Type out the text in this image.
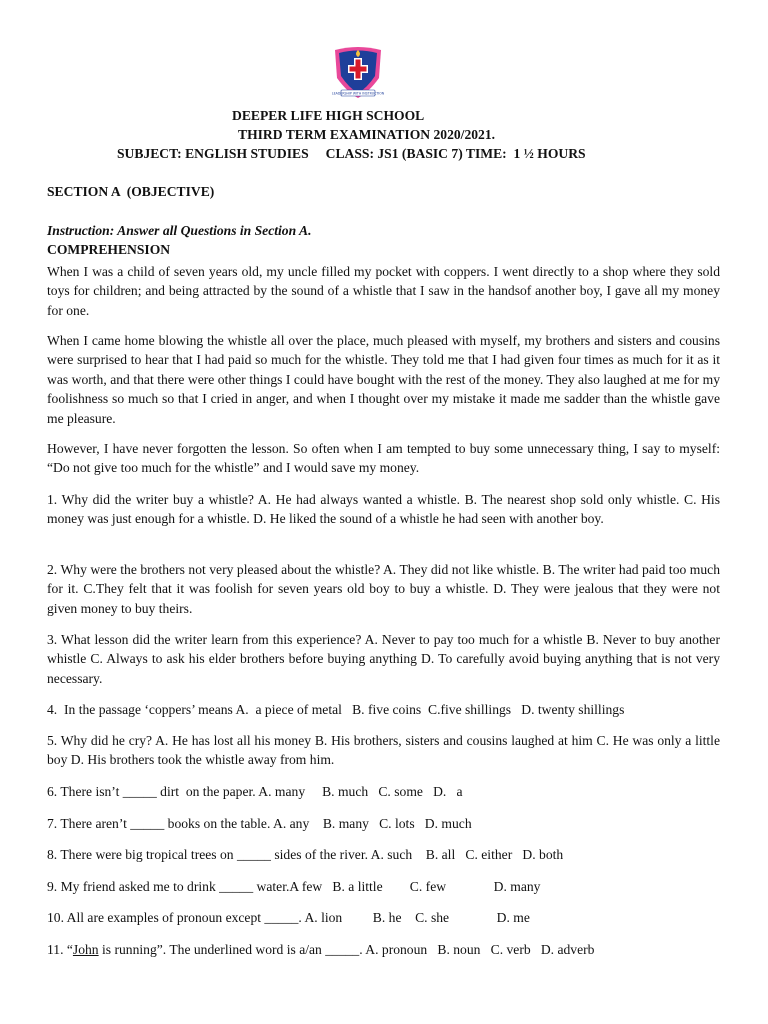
LEADERSHIP WITH INSTRUCTION
DEEPER LIFE HIGH SCHOOL
THIRD TERM EXAMINATION 2020/2021.
SUBJECT: ENGLISH STUDIES     CLASS: JS1 (BASIC 7) TIME:  1 ½ HOURS
SECTION A  (OBJECTIVE)
Instruction: Answer all Questions in Section A.
COMPREHENSION
When I was a child of seven years old, my uncle filled my pocket with coppers. I went directly to a shop where they sold toys for children; and being attracted by the sound of a whistle that I saw in the handsof another boy, I gave all my money for one.
When I came home blowing the whistle all over the place, much pleased with myself, my brothers and sisters and cousins were surprised to hear that I had paid so much for the whistle. They told me that I had given four times as much for it as it was worth, and that there were other things I could have bought with the rest of the money. They also laughed at me for my foolishness so much so that I cried in anger, and when I thought over my mistake it made me sadder than the whistle gave me pleasure.
However, I have never forgotten the lesson. So often when I am tempted to buy some unnecessary thing, I say to myself: “Do not give too much for the whistle” and I would save my money.
1. Why did the writer buy a whistle? A. He had always wanted a whistle. B. The nearest shop sold only whistle. C. His money was just enough for a whistle. D. He liked the sound of a whistle he had seen with another boy.
2. Why were the brothers not very pleased about the whistle? A. They did not like whistle. B. The writer had paid too much for it. C.They felt that it was foolish for seven years old boy to buy a whistle. D. They were jealous that they were not given money to buy theirs.
3. What lesson did the writer learn from this experience? A. Never to pay too much for a whistle B. Never to buy another whistle C. Always to ask his elder brothers before buying anything D. To carefully avoid buying anything that is not very necessary.
4.  In the passage ‘coppers’ means A.  a piece of metal   B. five coins  C.five shillings   D. twenty shillings
5. Why did he cry? A. He has lost all his money B. His brothers, sisters and cousins laughed at him C. He was only a little boy D. His brothers took the whistle away from him.
6. There isn’t _____ dirt  on the paper. A. many     B. much   C. some   D.   a
7. There aren’t _____ books on the table. A. any    B. many   C. lots   D. much
8. There were big tropical trees on _____ sides of the river. A. such    B. all   C. either   D. both
9. My friend asked me to drink _____ water.A few   B. a little        C. few              D. many
10. All are examples of pronoun except _____. A. lion         B. he    C. she              D. me
11. “John is running”. The underlined word is a/an _____. A. pronoun   B. noun   C. verb   D. adverb
